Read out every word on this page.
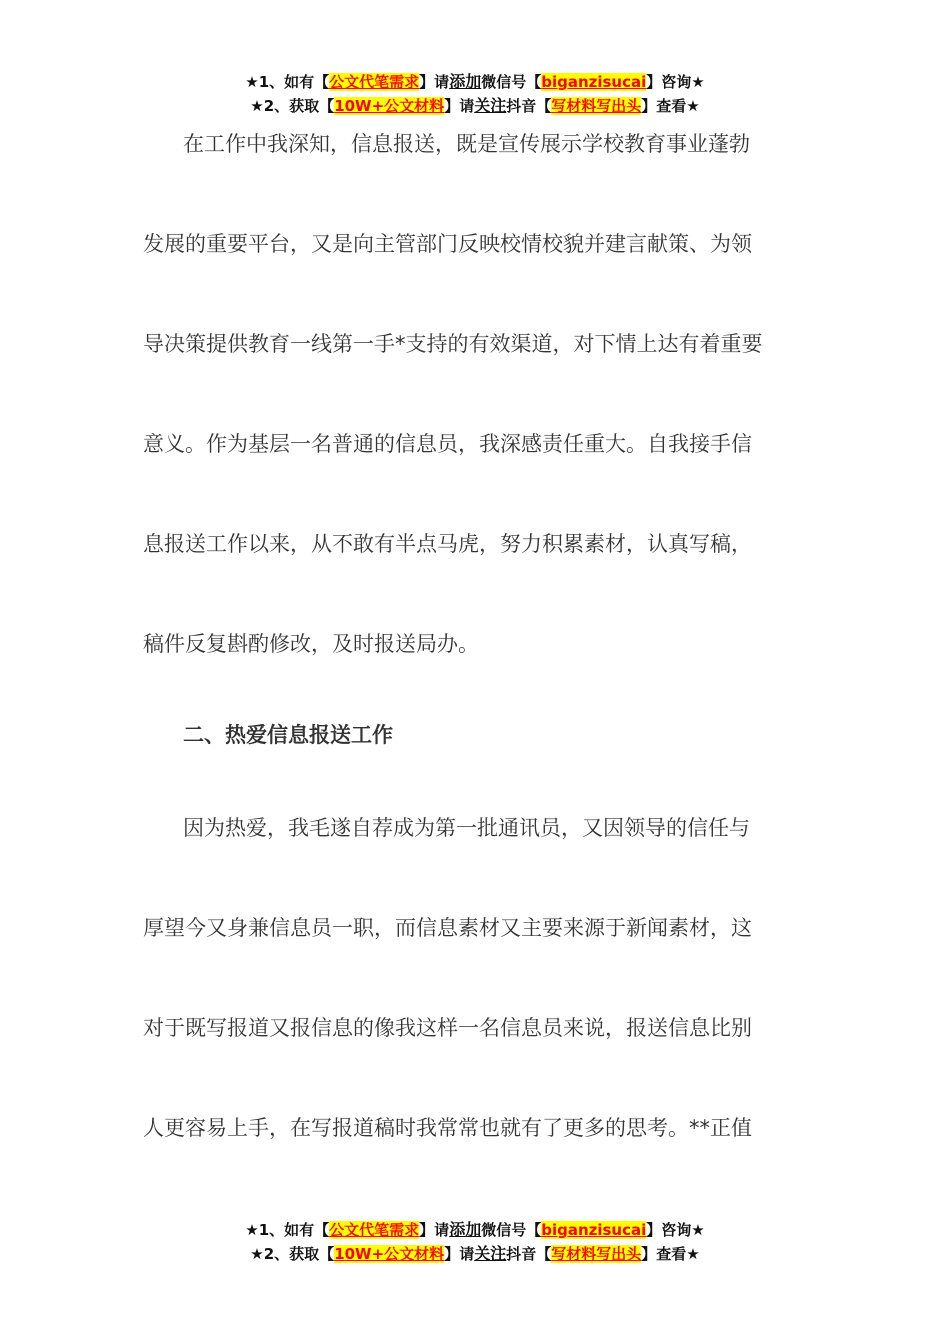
★1、如有【公文代笔需求】请添加微信号【biganzisucai】咨询★
★2、获取【10W+公文材料】请关注抖音【写材料写出头】查看★
在工作中我深知，信息报送，既是宣传展示学校教育事业蓬勃
发展的重要平台，又是向主管部门反映校情校貌并建言献策、为领
导决策提供教育一线第一手*支持的有效渠道，对下情上达有着重要
意义。作为基层一名普通的信息员，我深感责任重大。自我接手信
息报送工作以来，从不敢有半点马虎，努力积累素材，认真写稿，
稿件反复斟酌修改，及时报送局办。
二、热爱信息报送工作
因为热爱，我毛遂自荐成为第一批通讯员，又因领导的信任与
厚望今又身兼信息员一职，而信息素材又主要来源于新闻素材，这
对于既写报道又报信息的像我这样一名信息员来说，报送信息比别
人更容易上手，在写报道稿时我常常也就有了更多的思考。**正值
★1、如有【公文代笔需求】请添加微信号【biganzisucai】咨询★
★2、获取【10W+公文材料】请关注抖音【写材料写出头】查看★
